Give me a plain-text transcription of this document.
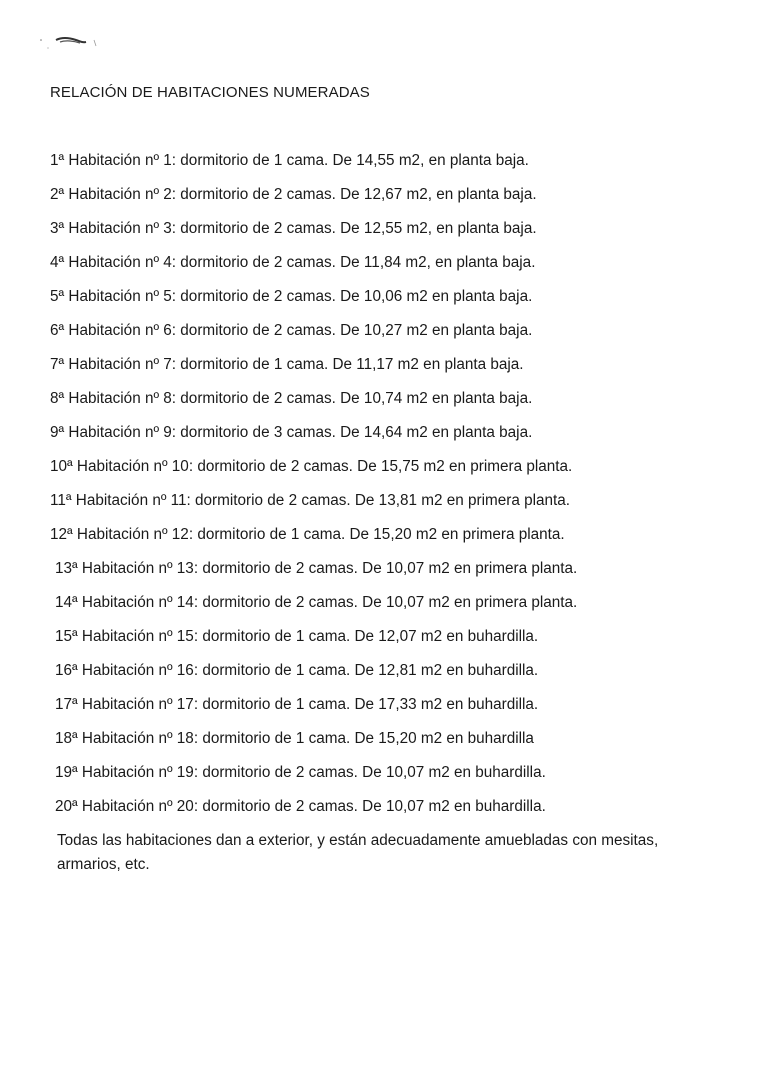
RELACIÓN DE HABITACIONES NUMERADAS
1ª Habitación nº 1: dormitorio de 1 cama. De 14,55 m2, en planta baja.
2ª Habitación nº 2: dormitorio de 2 camas. De 12,67 m2, en planta baja.
3ª Habitación nº 3: dormitorio de 2 camas. De 12,55 m2, en planta baja.
4ª Habitación nº 4: dormitorio de 2 camas. De 11,84 m2, en planta baja.
5ª Habitación nº 5: dormitorio de 2 camas. De 10,06 m2 en planta baja.
6ª Habitación nº 6: dormitorio de 2 camas. De 10,27 m2 en planta baja.
7ª Habitación nº 7: dormitorio de 1 cama. De 11,17 m2 en planta baja.
8ª Habitación nº 8: dormitorio de 2 camas. De 10,74 m2 en planta baja.
9ª Habitación nº 9: dormitorio de 3 camas. De 14,64 m2 en planta baja.
10ª Habitación nº 10: dormitorio de 2 camas. De 15,75 m2 en primera planta.
11ª Habitación nº 11: dormitorio de 2 camas. De 13,81 m2 en primera planta.
12ª Habitación nº 12: dormitorio de 1 cama. De 15,20 m2 en primera planta.
13ª Habitación nº 13: dormitorio de 2 camas. De 10,07 m2 en primera planta.
14ª Habitación nº 14: dormitorio de 2 camas. De 10,07 m2 en primera planta.
15ª Habitación nº 15: dormitorio de 1 cama. De 12,07 m2 en buhardilla.
16ª Habitación nº 16: dormitorio de 1 cama. De 12,81 m2 en buhardilla.
17ª Habitación nº 17: dormitorio de 1 cama. De 17,33 m2 en buhardilla.
18ª Habitación nº 18: dormitorio de 1 cama. De 15,20 m2 en buhardilla
19ª Habitación nº 19: dormitorio de 2 camas. De 10,07 m2 en buhardilla.
20ª Habitación nº 20: dormitorio de 2 camas. De 10,07 m2 en buhardilla.

Todas las habitaciones dan a exterior, y están adecuadamente amuebladas con mesitas, armarios, etc.
